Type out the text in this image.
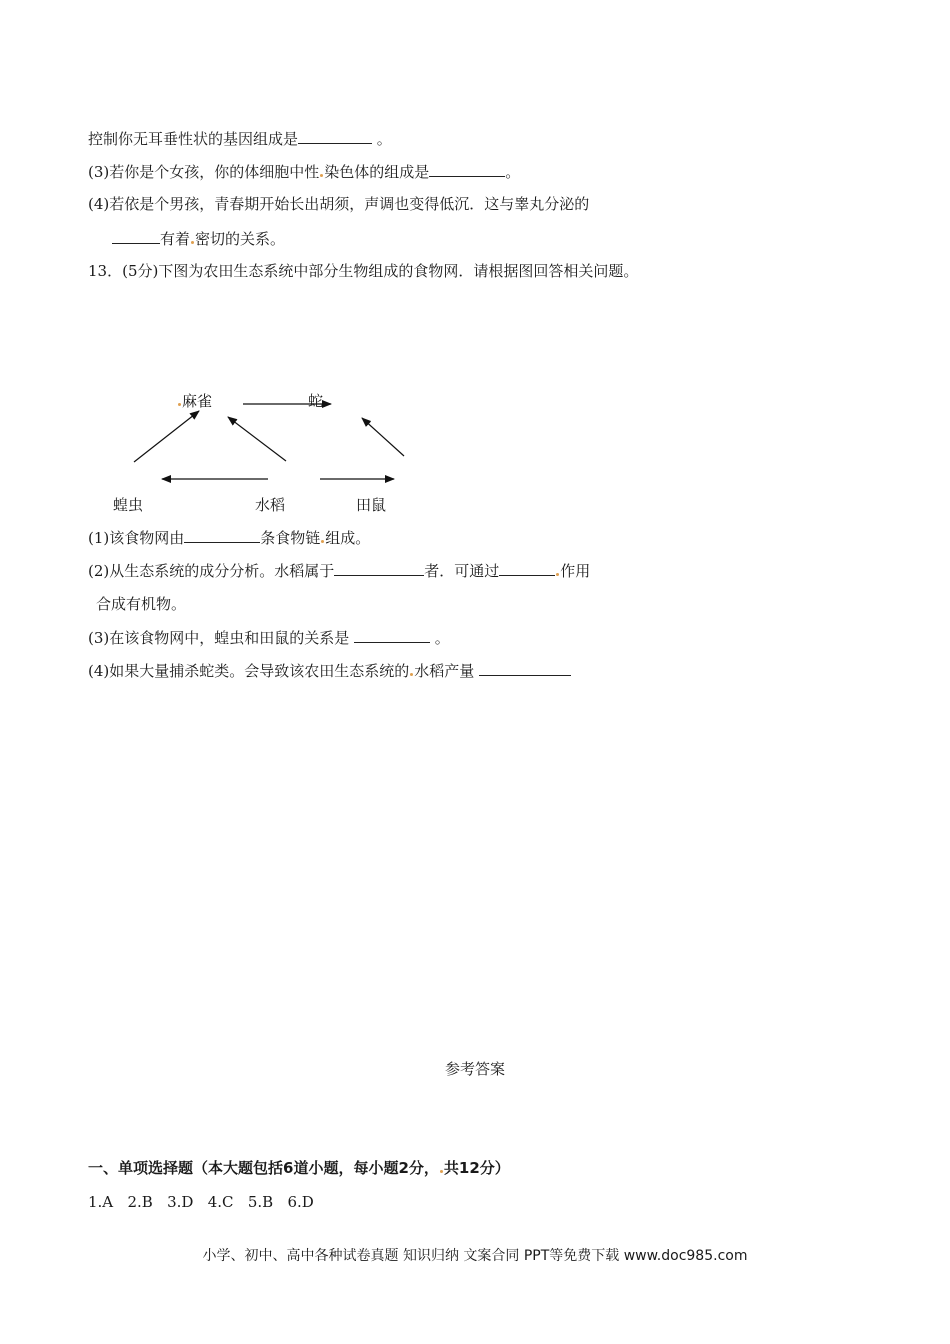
控制你无耳垂性状的基因组成是	。
(3)若你是个女孩，你的体细胞中性 染色体的组成是	。
(4)若依是个男孩，青春期开始长出胡须，声调也变得低沉．这与睾丸分泌的
有着 密切的关系。
13．(5分)下图为农田生态系统中部分生物组成的食物网．请根据图回答相关问题。
麻雀	蛇
蝗虫	水稻	田鼠
(1)该食物网由	条食物链 组成。
(2)从生态系统的成分分析。水稻属于	者．可通过	作用
合成有机物。
(3)在该食物网中，蝗虫和田鼠的关系是	。
(4)如果大量捕杀蛇类。会导致该农田生态系统的 水稻产量
参考答案
一、单项选择题（本大题包括6道小题，每小题2分， 共12分）
1.A   2.B   3.D   4.C   5.B   6.D
小学、初中、高中各种试卷真题 知识归纳 文案合同 PPT等免费下载 www.doc985.com
